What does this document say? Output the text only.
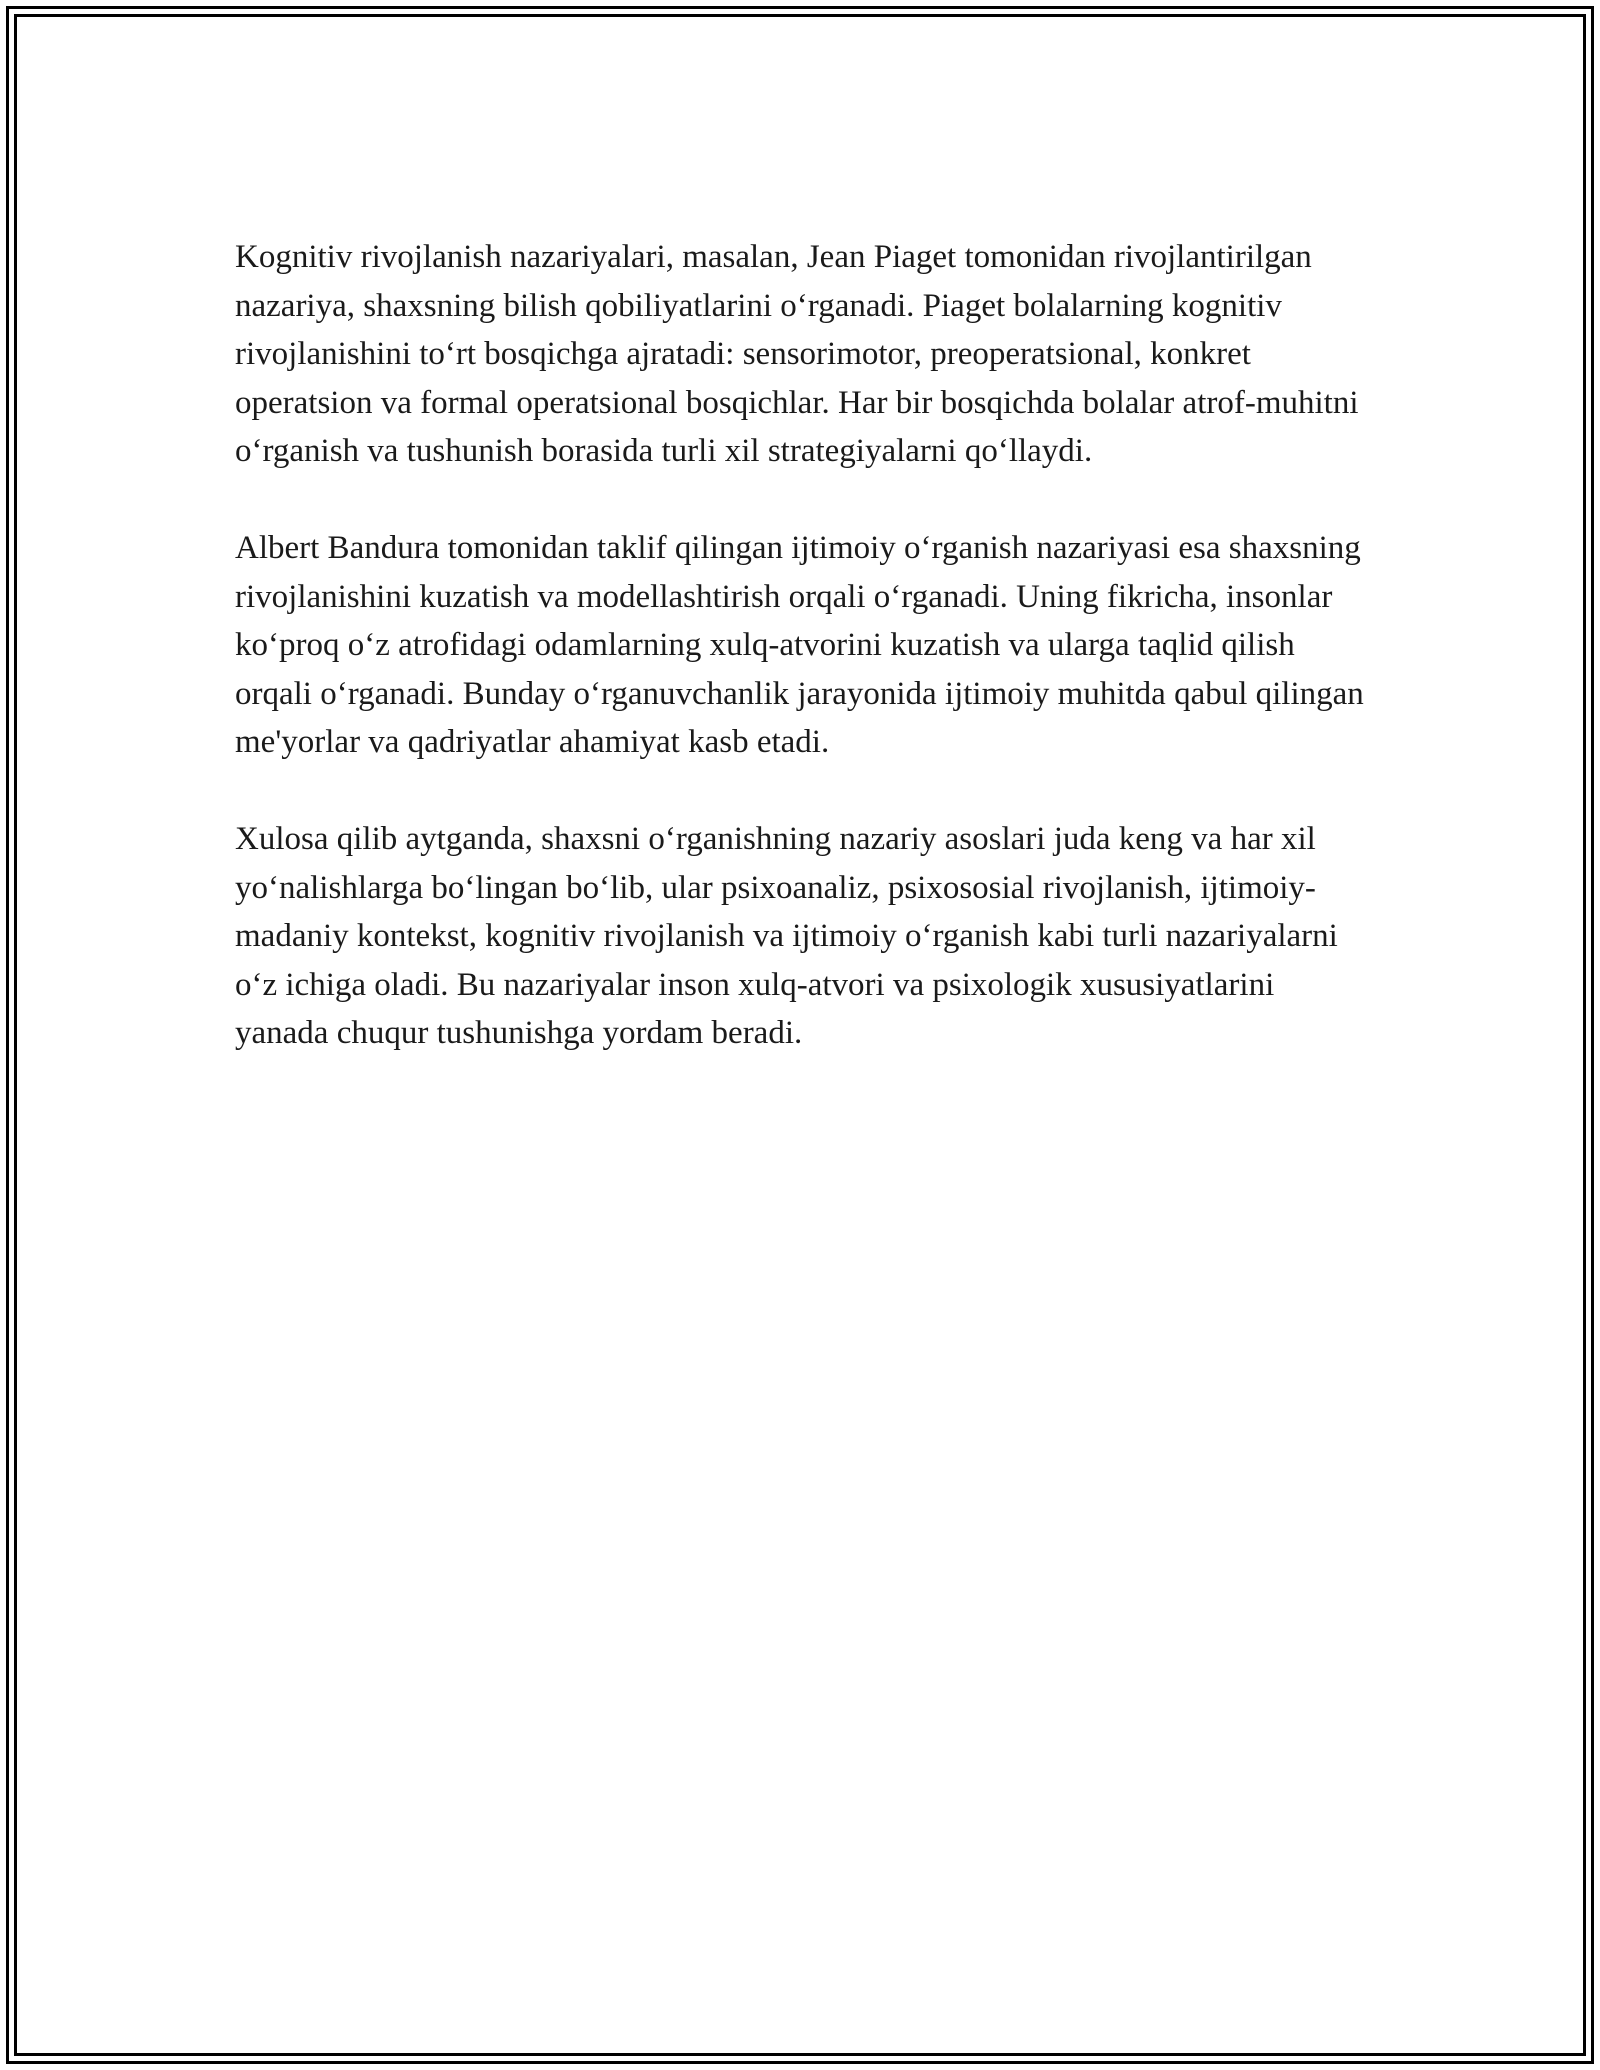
Kognitiv rivojlanish nazariyalari, masalan, Jean Piaget tomonidan rivojlantirilgan nazariya, shaxsning bilish qobiliyatlarini o‘rganadi. Piaget bolalarning kognitiv rivojlanishini to‘rt bosqichga ajratadi: sensorimotor, preoperatsional, konkret operatsion va formal operatsional bosqichlar. Har bir bosqichda bolalar atrof-muhitni o‘rganish va tushunish borasida turli xil strategiyalarni qo‘llaydi.

Albert Bandura tomonidan taklif qilingan ijtimoiy o‘rganish nazariyasi esa shaxsning rivojlanishini kuzatish va modellashtirish orqali o‘rganadi. Uning fikricha, insonlar ko‘proq o‘z atrofidagi odamlarning xulq-atvorini kuzatish va ularga taqlid qilish orqali o‘rganadi. Bunday o‘rganuvchanlik jarayonida ijtimoiy muhitda qabul qilingan me'yorlar va qadriyatlar ahamiyat kasb etadi.

Xulosa qilib aytganda, shaxsni o‘rganishning nazariy asoslari juda keng va har xil yo‘nalishlarga bo‘lingan bo‘lib, ular psixoanaliz, psixososial rivojlanish, ijtimoiy-madaniy kontekst, kognitiv rivojlanish va ijtimoiy o‘rganish kabi turli nazariyalarni o‘z ichiga oladi. Bu nazariyalar inson xulq-atvori va psixologik xususiyatlarini yanada chuqur tushunishga yordam beradi.
